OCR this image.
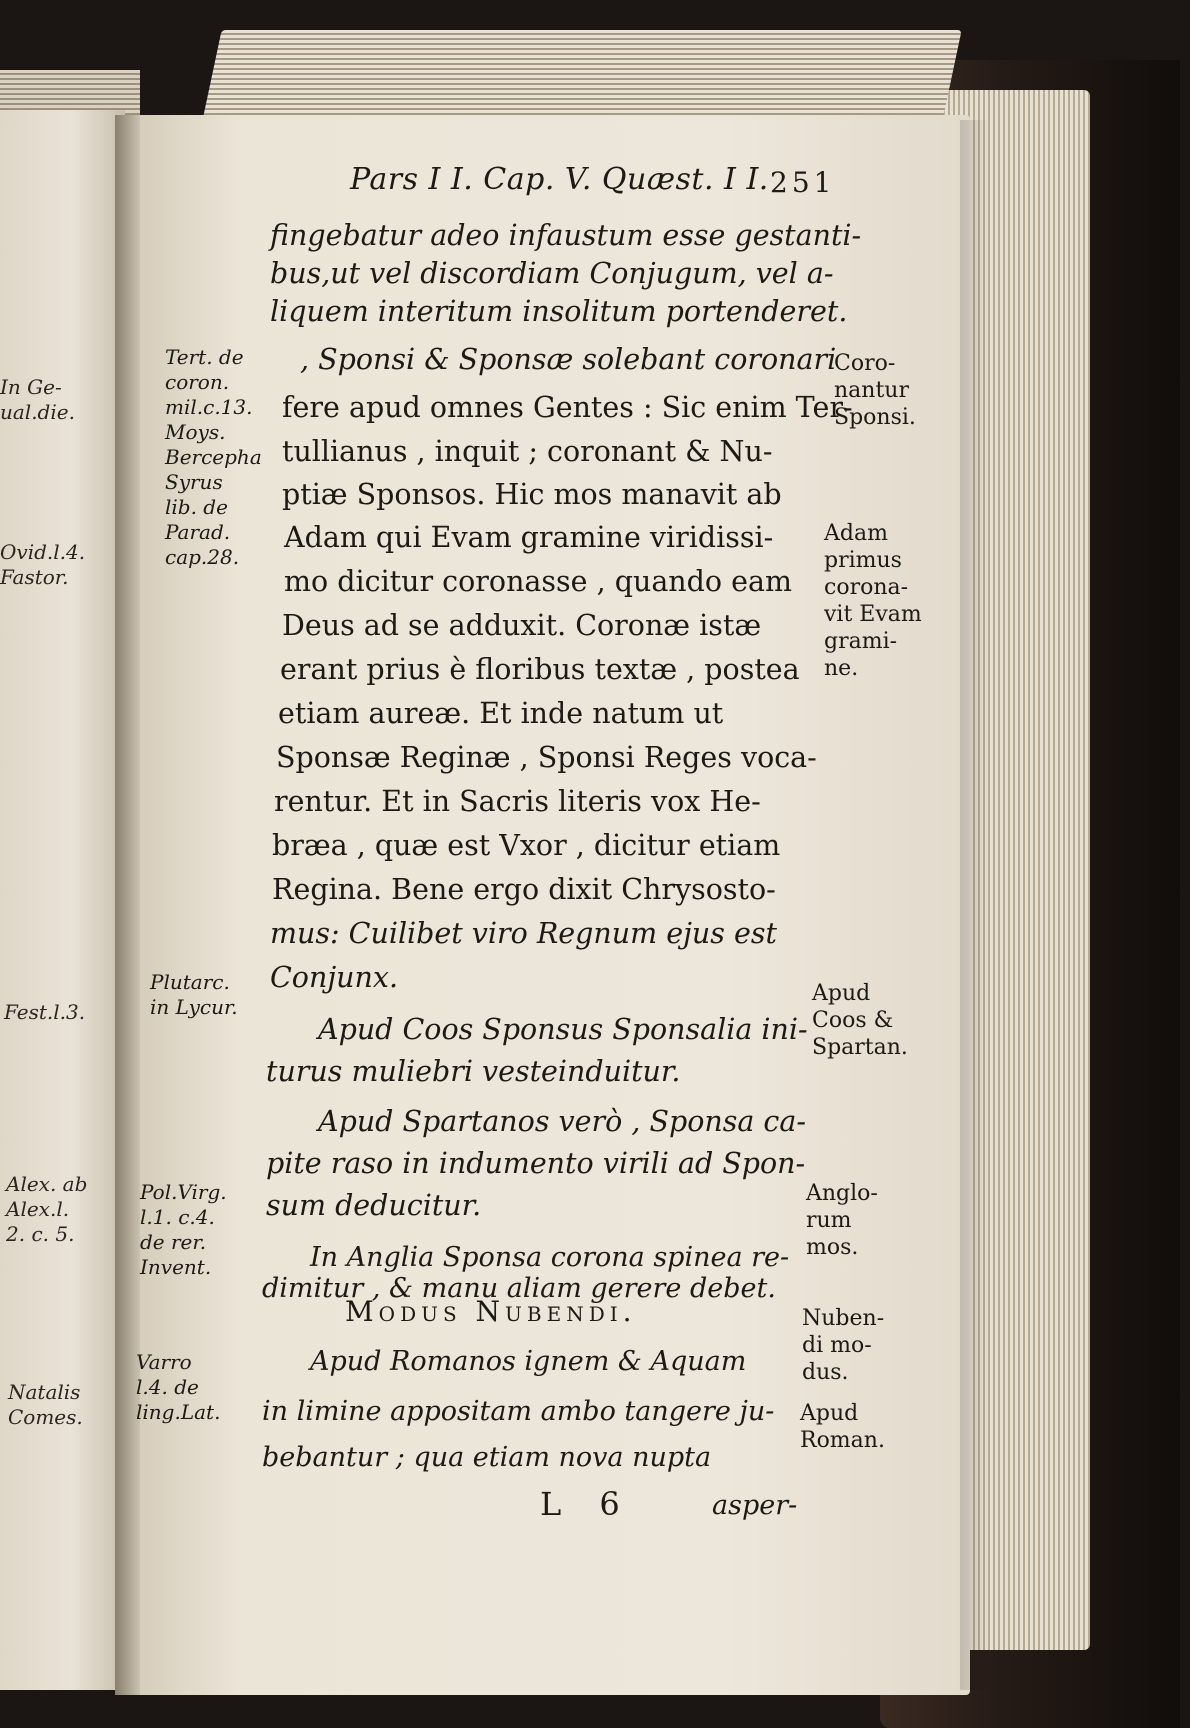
Pars I I. Cap. V. Quæst. I I. 251
fingebatur adeo infaustum esse gestanti-
bus,ut vel discordiam Conjugum, vel a-
liquem interitum insolitum portenderet.
, Sponsi & Sponsæ solebant coronari
fere apud omnes Gentes : Sic enim Ter-
tullianus , inquit ; coronant & Nu-
ptiæ Sponsos. Hic mos manavit ab
Adam qui Evam gramine viridissi-
mo dicitur coronasse , quando eam
Deus ad se adduxit. Coronæ istæ
erant prius è floribus textæ , postea
etiam aureæ. Et inde natum ut
Sponsæ Reginæ , Sponsi Reges voca-
rentur. Et in Sacris literis vox He-
bræa , quæ est Vxor , dicitur etiam
Regina. Bene ergo dixit Chrysosto-
mus: Cuilibet viro Regnum ejus est
Conjunx.
Apud Coos Sponsus Sponsalia ini-
turus muliebri vesteinduitur.
Apud Spartanos verò , Sponsa ca-
pite raso in indumento virili ad Spon-
sum deducitur.
In Anglia Sponsa corona spinea re-
Modus Nubendi.
dimitur , & manu aliam gerere debet.
Apud Romanos ignem & Aquam
in limine appositam ambo tangere ju-
bebantur ; qua etiam nova nupta
L 6	asper-
Tert. de
coron.
mil.c.13.
Moys.
Bercepha
Syrus
lib. de
Parad.
cap.28.
Plutarc.
in Lycur.
Pol.Virg.
l.1. c.4.
de rer.
Invent.
Varro
l.4. de
ling.Lat.
Coro-
nantur
Sponsi.
Adam
primus
corona-
vit Evam
grami-
ne.
Apud
Coos &
Spartan.
Anglo-
rum
mos.
Nuben-
di mo-
dus.
Apud
Roman.
In Ge-
ual.die.
Ovid.l.4.
Fastor.
Fest.l.3.
Alex. ab
Alex.l.
2. c. 5.
Natalis
Comes.
